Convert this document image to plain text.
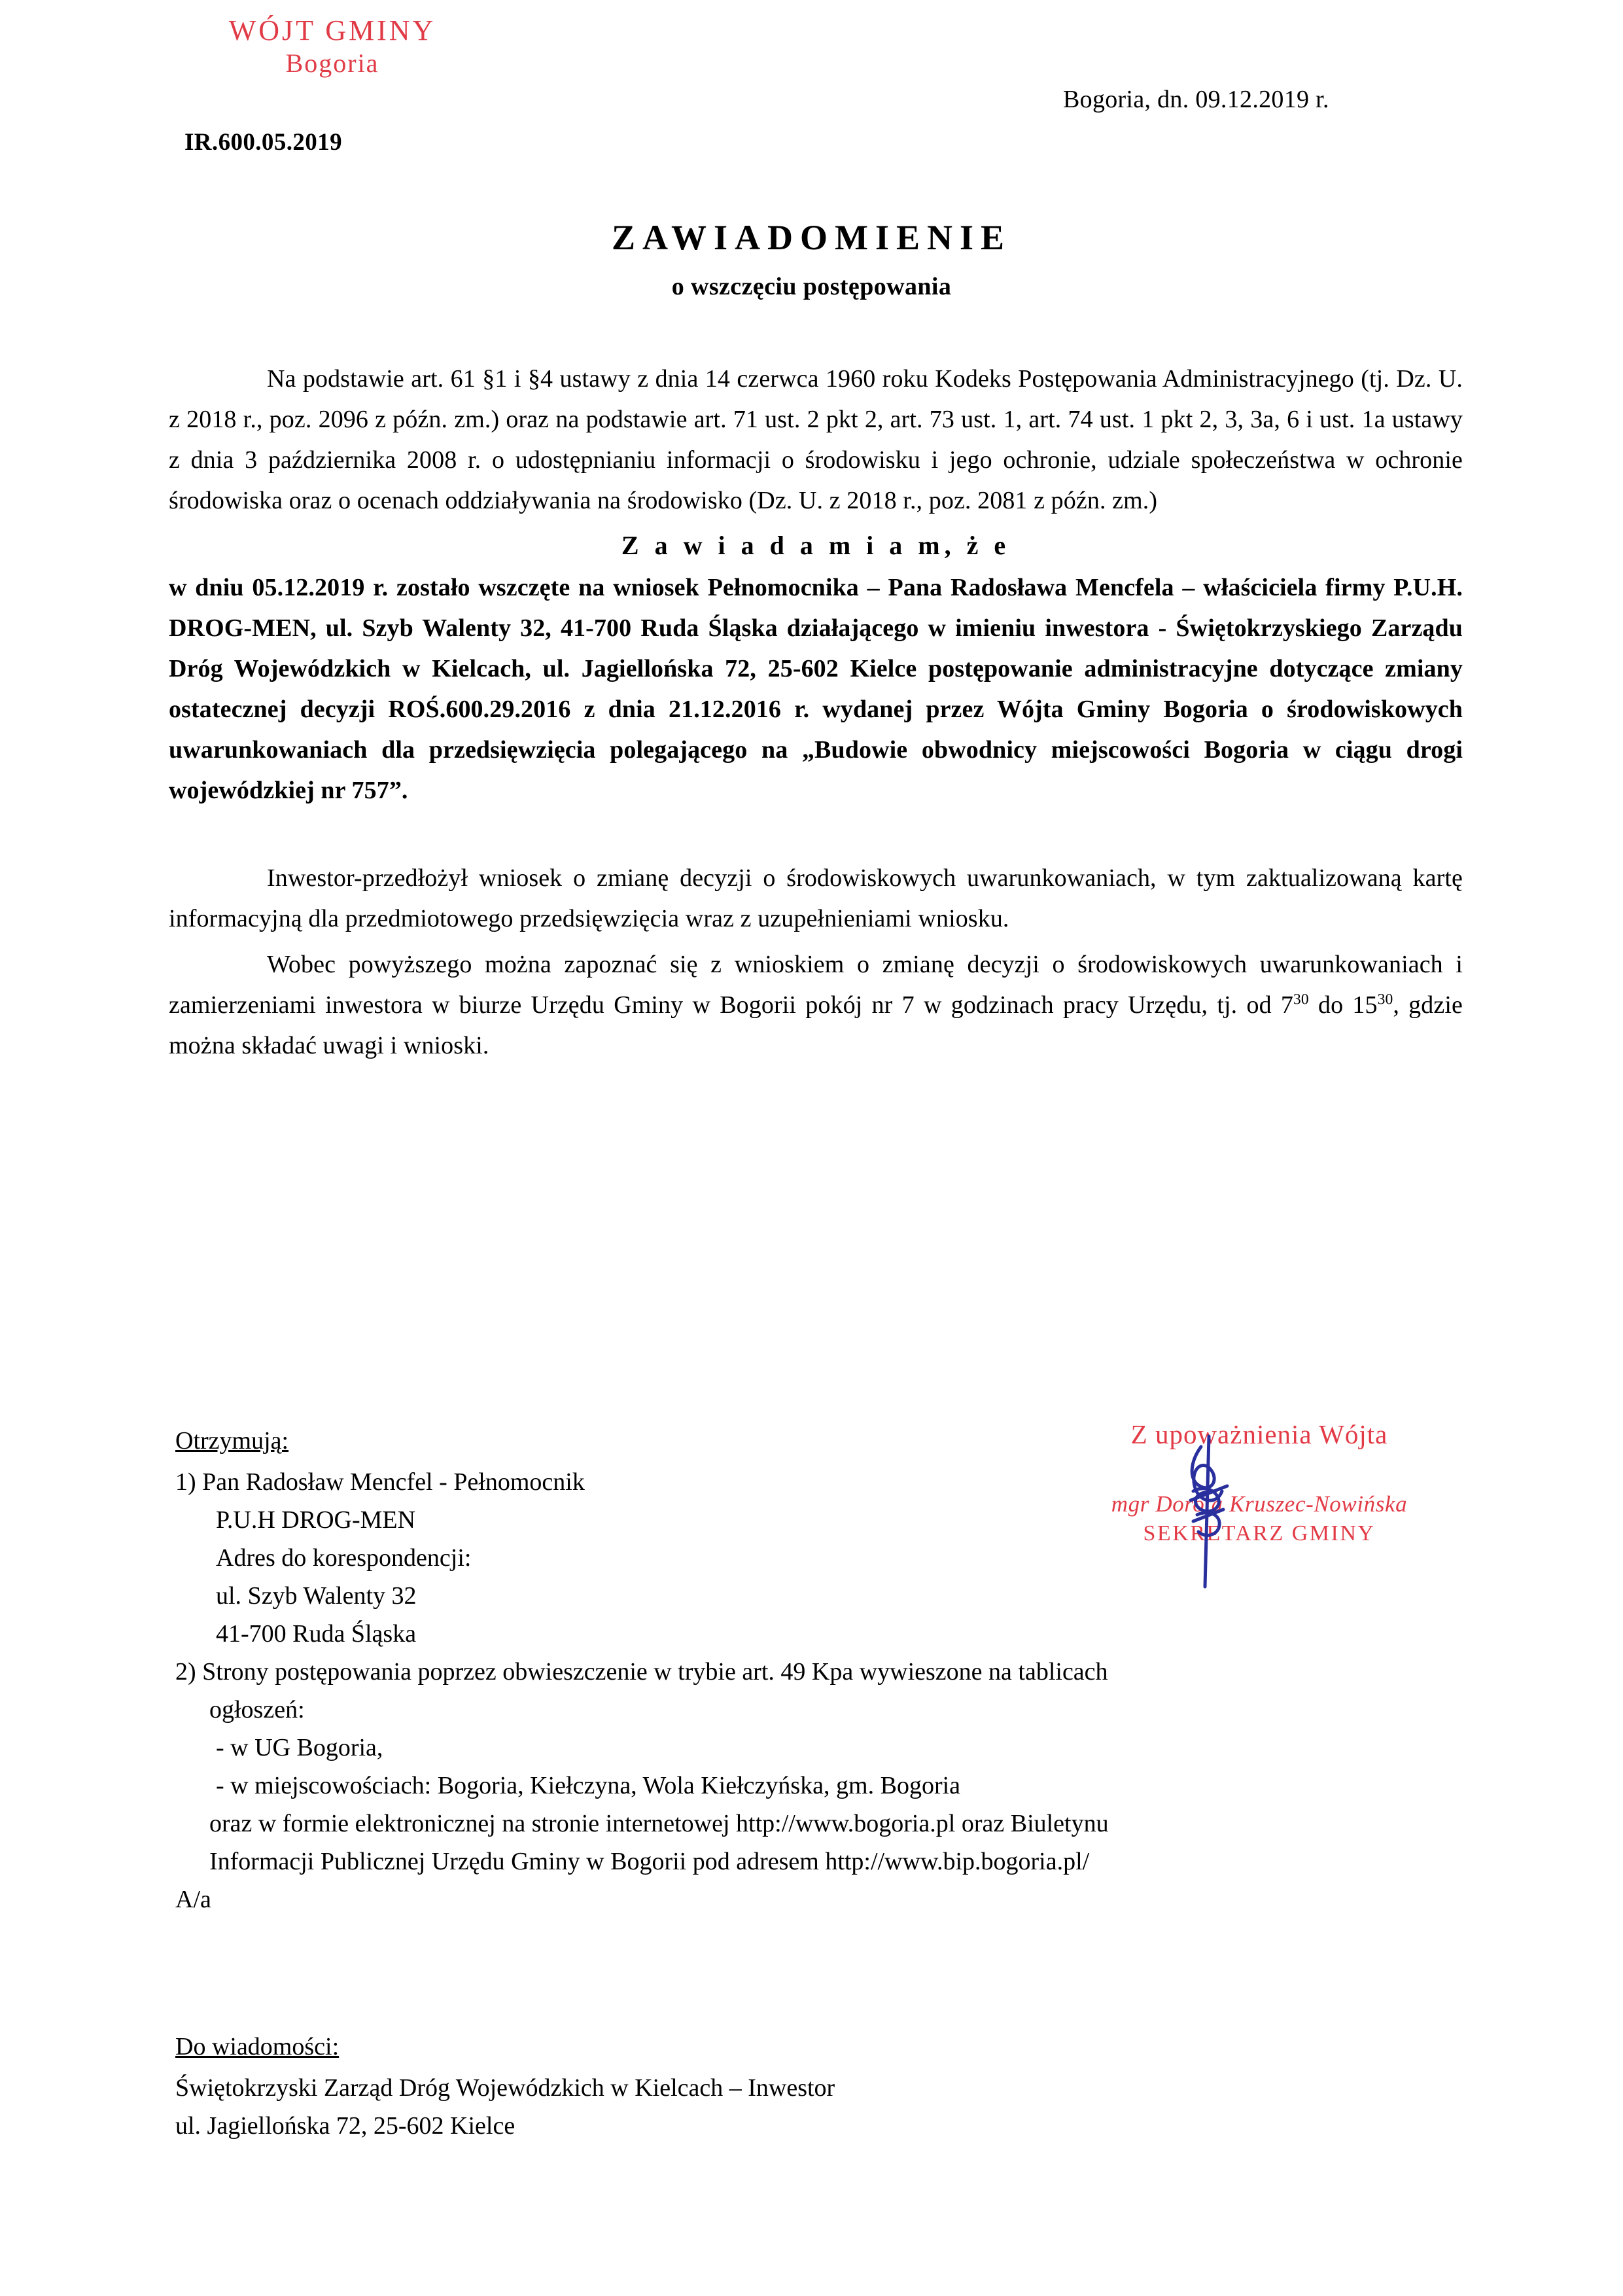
WÓJT GMINY
Bogoria
IR.600.05.2019
Bogoria, dn. 09.12.2019 r.
ZAWIADOMIENIE
o wszczęciu postępowania

Na podstawie art. 61 §1 i §4 ustawy z dnia 14 czerwca 1960 roku Kodeks Postępowania Administracyjnego (tj. Dz. U. z 2018 r., poz. 2096 z późn. zm.) oraz na podstawie art. 71 ust. 2 pkt 2, art. 73 ust. 1, art. 74 ust. 1 pkt 2, 3, 3a, 6 i ust. 1a ustawy z dnia 3 października 2008 r. o udostępnianiu informacji o środowisku i jego ochronie, udziale społeczeństwa w ochronie środowiska oraz o ocenach oddziaływania na środowisko (Dz. U. z 2018 r., poz. 2081 z późn. zm.)

Z a w i a d a m i a m, ż e

w dniu 05.12.2019 r. zostało wszczęte na wniosek Pełnomocnika – Pana Radosława Mencfela – właściciela firmy P.U.H. DROG-MEN, ul. Szyb Walenty 32, 41-700 Ruda Śląska działającego w imieniu inwestora - Świętokrzyskiego Zarządu Dróg Wojewódzkich w Kielcach, ul. Jagiellońska 72, 25-602 Kielce postępowanie administracyjne dotyczące zmiany ostatecznej decyzji ROŚ.600.29.2016 z dnia 21.12.2016 r. wydanej przez Wójta Gminy Bogoria o środowiskowych uwarunkowaniach dla przedsięwzięcia polegającego na „Budowie obwodnicy miejscowości Bogoria w ciągu drogi wojewódzkiej nr 757”.

Inwestor-przedłożył wniosek o zmianę decyzji o środowiskowych uwarunkowaniach, w tym zaktualizowaną kartę informacyjną dla przedmiotowego przedsięwzięcia wraz z uzupełnieniami wniosku.

Wobec powyższego można zapoznać się z wnioskiem o zmianę decyzji o środowiskowych uwarunkowaniach i zamierzeniami inwestora w biurze Urzędu Gminy w Bogorii pokój nr 7 w godzinach pracy Urzędu, tj. od $7^{30}$ do $15^{30}$, gdzie można składać uwagi i wnioski.

Z upoważnienia Wójta
mgr Dorota Kruszec-Nowińska
SEKRETARZ GMINY
Otrzymują:

1) Pan Radosław Mencfel - Pełnomocnik

P.U.H DROG-MEN

Adres do korespondencji:

ul. Szyb Walenty 32

41-700 Ruda Śląska

2) Strony postępowania poprzez obwieszczenie w trybie art. 49 Kpa wywieszone na tablicach

ogłoszeń:

- w UG Bogoria,

- w miejscowościach: Bogoria, Kiełczyna, Wola Kiełczyńska, gm. Bogoria

oraz w formie elektronicznej na stronie internetowej http://www.bogoria.pl oraz Biuletynu

Informacji Publicznej Urzędu Gminy w Bogorii pod adresem http://www.bip.bogoria.pl/

A/a

Do wiadomości:

Świętokrzyski Zarząd Dróg Wojewódzkich w Kielcach – Inwestor

ul. Jagiellońska 72, 25-602 Kielce
